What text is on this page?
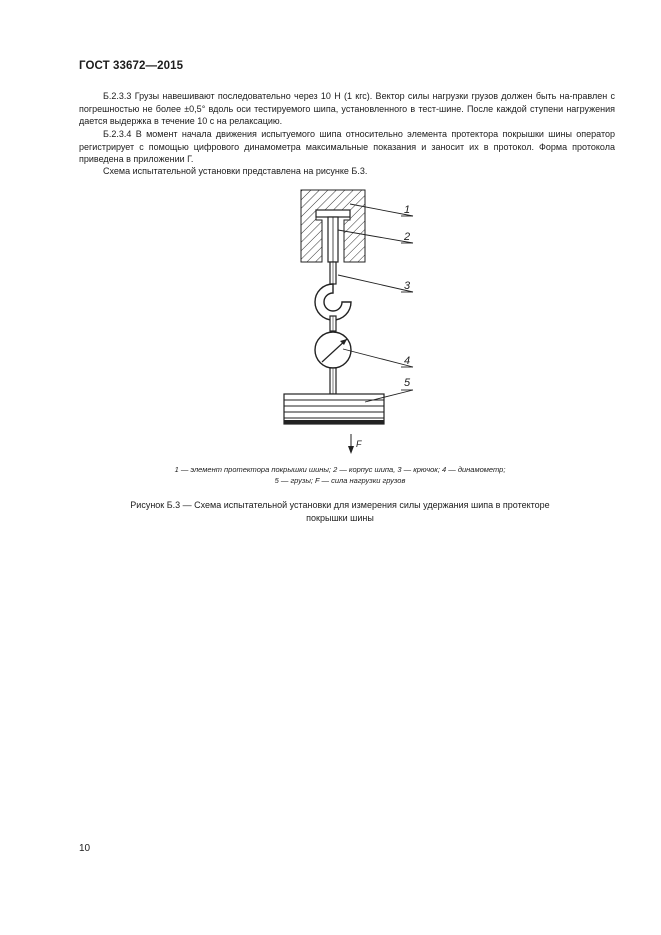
ГОСТ 33672—2015

Б.2.3.3 Грузы навешивают последовательно через 10 Н (1 кгс). Вектор силы нагрузки грузов должен быть на-правлен с погрешностью не более ±0,5° вдоль оси тестируемого шипа, установленного в тест-шине. После каждой ступени нагружения дается выдержка в течение 10 с на релаксацию.

Б.2.3.4 В момент начала движения испытуемого шипа относительно элемента протектора покрышки шины оператор регистрирует с помощью цифрового динамометра максимальные показания и заносит их в протокол. Форма протокола приведена в приложении Г.

Схема испытательной установки представлена на рисунке Б.3.

F
1
2
3
4
5
1 — элемент протектора покрышки шины; 2 — корпус шипа, 3 — крючок; 4 — динамометр;
5 — грузы; F — сила нагрузки грузов
Рисунок Б.3 — Схема испытательной установки для измерения силы удержания шипа в протекторе покрышки шины
10
